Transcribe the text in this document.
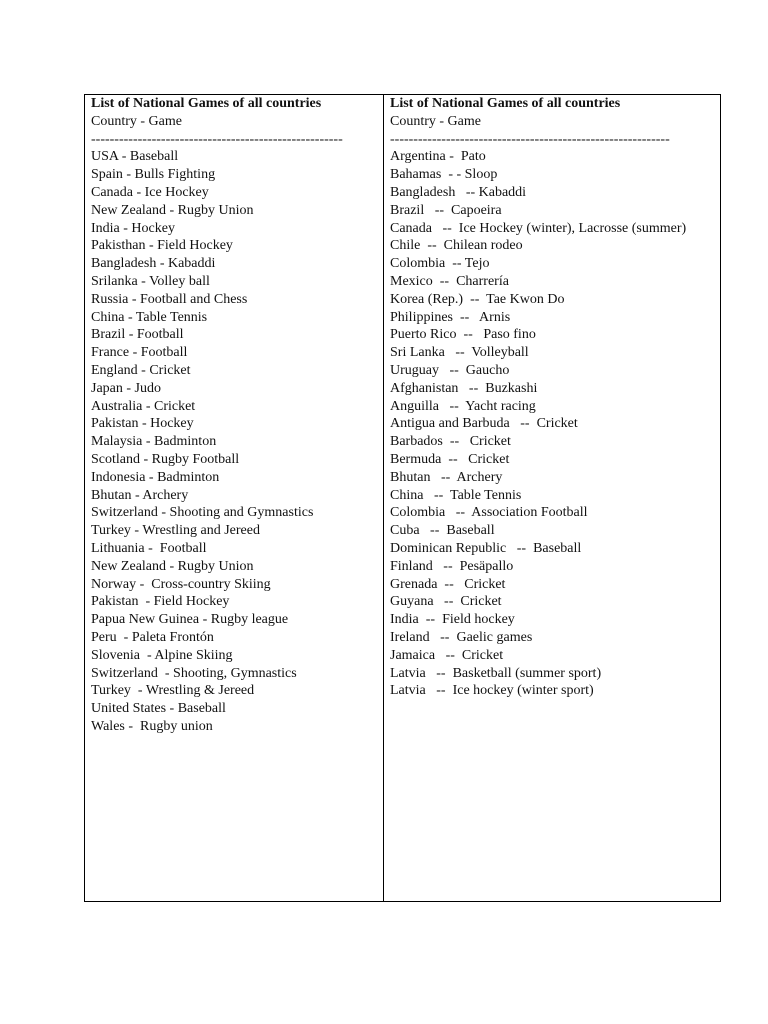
List of National Games of all countries
Country - Game
------------------------------------------------------
USA - Baseball
Spain - Bulls Fighting
Canada - Ice Hockey
New Zealand - Rugby Union
India - Hockey
Pakisthan - Field Hockey
Bangladesh - Kabaddi
Srilanka - Volley ball
Russia - Football and Chess
China - Table Tennis
Brazil - Football
France - Football
England - Cricket
Japan - Judo
Australia - Cricket
Pakistan - Hockey
Malaysia - Badminton
Scotland - Rugby Football
Indonesia - Badminton
Bhutan - Archery
Switzerland - Shooting and Gymnastics
Turkey - Wrestling and Jereed
Lithuania -  Football
New Zealand - Rugby Union
Norway -  Cross-country Skiing
Pakistan  - Field Hockey
Papua New Guinea - Rugby league
Peru  - Paleta Frontón
Slovenia  - Alpine Skiing
Switzerland  - Shooting, Gymnastics
Turkey  - Wrestling & Jereed
United States - Baseball
Wales -  Rugby union
List of National Games of all countries
Country - Game
------------------------------------------------------------
Argentina -  Pato
Bahamas  - - Sloop
Bangladesh   -- Kabaddi
Brazil   --  Capoeira
Canada   --  Ice Hockey (winter), Lacrosse (summer)
Chile  --  Chilean rodeo
Colombia  -- Tejo
Mexico  --  Charrería
Korea (Rep.)  --  Tae Kwon Do
Philippines  --   Arnis
Puerto Rico  --   Paso fino
Sri Lanka   --  Volleyball
Uruguay   --  Gaucho
Afghanistan   --  Buzkashi
Anguilla   --  Yacht racing
Antigua and Barbuda   --  Cricket
Barbados  --   Cricket
Bermuda  --   Cricket
Bhutan   --  Archery
China   --  Table Tennis
Colombia   --  Association Football
Cuba   --  Baseball
Dominican Republic   --  Baseball
Finland   --  Pesäpallo
Grenada  --   Cricket
Guyana   --  Cricket
India  --  Field hockey
Ireland   --  Gaelic games
Jamaica   --  Cricket
Latvia   --  Basketball (summer sport)
Latvia   --  Ice hockey (winter sport)
